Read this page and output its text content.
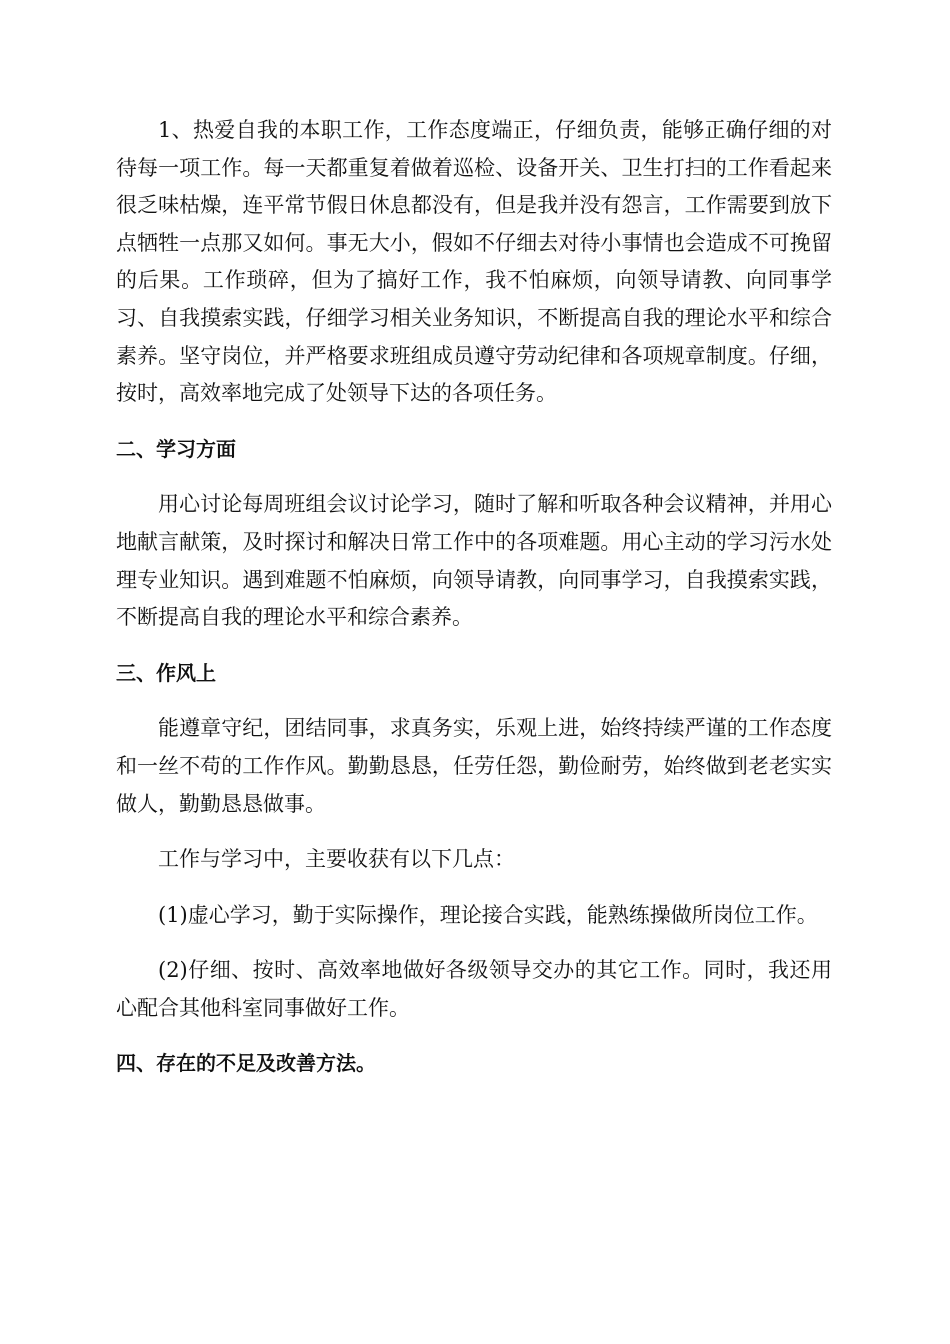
1、热爱自我的本职工作，工作态度端正，仔细负责，能够正确仔细的对待每一项工作。每一天都重复着做着巡检、设备开关、卫生打扫的工作看起来很乏味枯燥，连平常节假日休息都没有，但是我并没有怨言，工作需要到放下点牺牲一点那又如何。事无大小，假如不仔细去对待小事情也会造成不可挽留的后果。工作琐碎，但为了搞好工作，我不怕麻烦，向领导请教、向同事学习、自我摸索实践，仔细学习相关业务知识，不断提高自我的理论水平和综合素养。坚守岗位，并严格要求班组成员遵守劳动纪律和各项规章制度。仔细，按时，高效率地完成了处领导下达的各项任务。

二、学习方面

用心讨论每周班组会议讨论学习，随时了解和听取各种会议精神，并用心地献言献策，及时探讨和解决日常工作中的各项难题。用心主动的学习污水处理专业知识。遇到难题不怕麻烦，向领导请教，向同事学习，自我摸索实践，不断提高自我的理论水平和综合素养。

三、作风上

能遵章守纪，团结同事，求真务实，乐观上进，始终持续严谨的工作态度和一丝不苟的工作作风。勤勤恳恳，任劳任怨，勤俭耐劳，始终做到老老实实做人，勤勤恳恳做事。

工作与学习中，主要收获有以下几点：

(1)虚心学习，勤于实际操作，理论接合实践，能熟练操做所岗位工作。

(2)仔细、按时、高效率地做好各级领导交办的其它工作。同时，我还用心配合其他科室同事做好工作。

四、存在的不足及改善方法。
